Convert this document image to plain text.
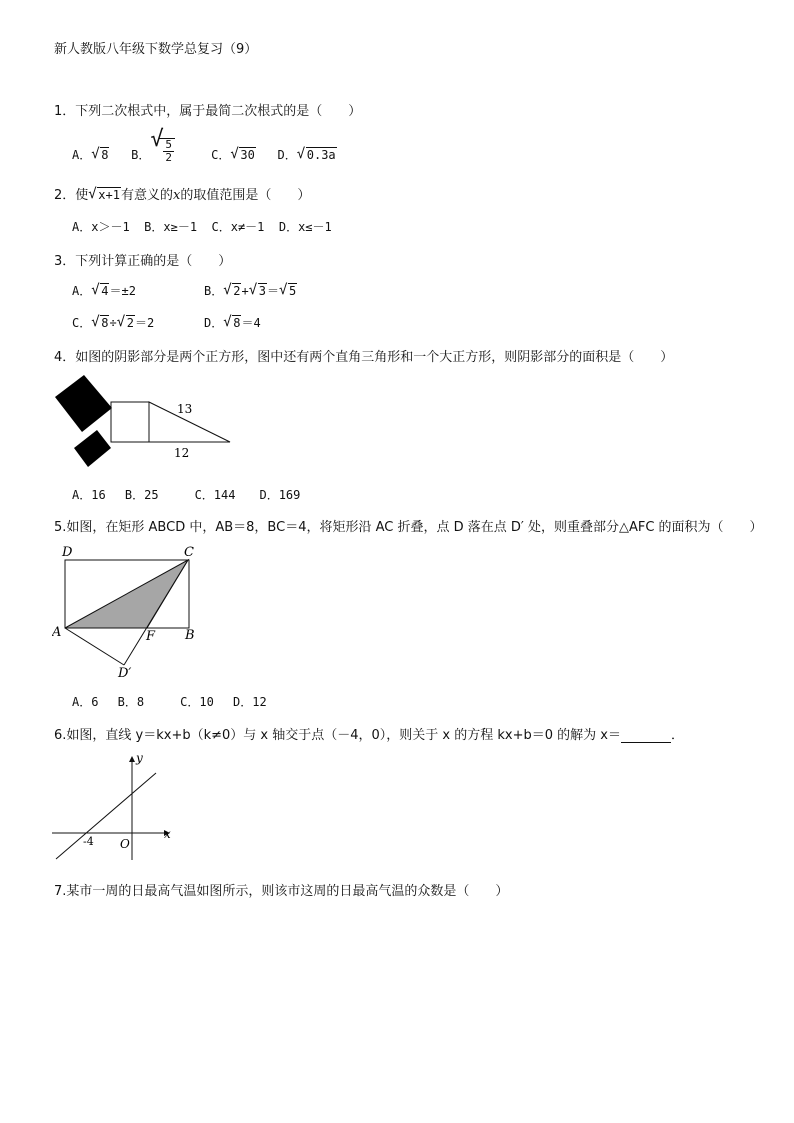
新人教版八年级下数学总复习（9）
1．下列二次根式中，属于最简二次根式的是（　　）
A． √ 8 B．
√ $\frac{5}{2}$	C． √ 30 D． √ 0.3a
2．使 √ x+1有意义的x的取值范围是（　　）
A．x＞－1 B．x≥－1 C．x≠－1 D．x≤－1
3．下列计算正确的是（　　）
A． √ 4＝±2	B． √ 2+ √ 3＝ √ 5
C． √ 8÷ √ 2＝2	D． √ 8＝4
4．如图的阴影部分是两个正方形，图中还有两个直角三角形和一个大正方形，则阴影部分的面积是（　　）
13
12
A．16　 B．25　　　C．144　　D．169
5.如图，在矩形 ABCD 中，AB＝8，BC＝4，将矩形沿 AC 折叠，点 D 落在点 D′ 处，则重叠部分△AFC 的面积为（　　）
D	C
A	F B
D′
A．6　 B．8　　　C．10　 D．12
6.如图，直线 y＝kx+b（k≠0）与 x 轴交于点（－4，0），则关于 x 的方程 kx+b＝0 的解为 x＝	．
y
x
-4 O
7.某市一周的日最高气温如图所示，则该市这周的日最高气温的众数是（　　）
